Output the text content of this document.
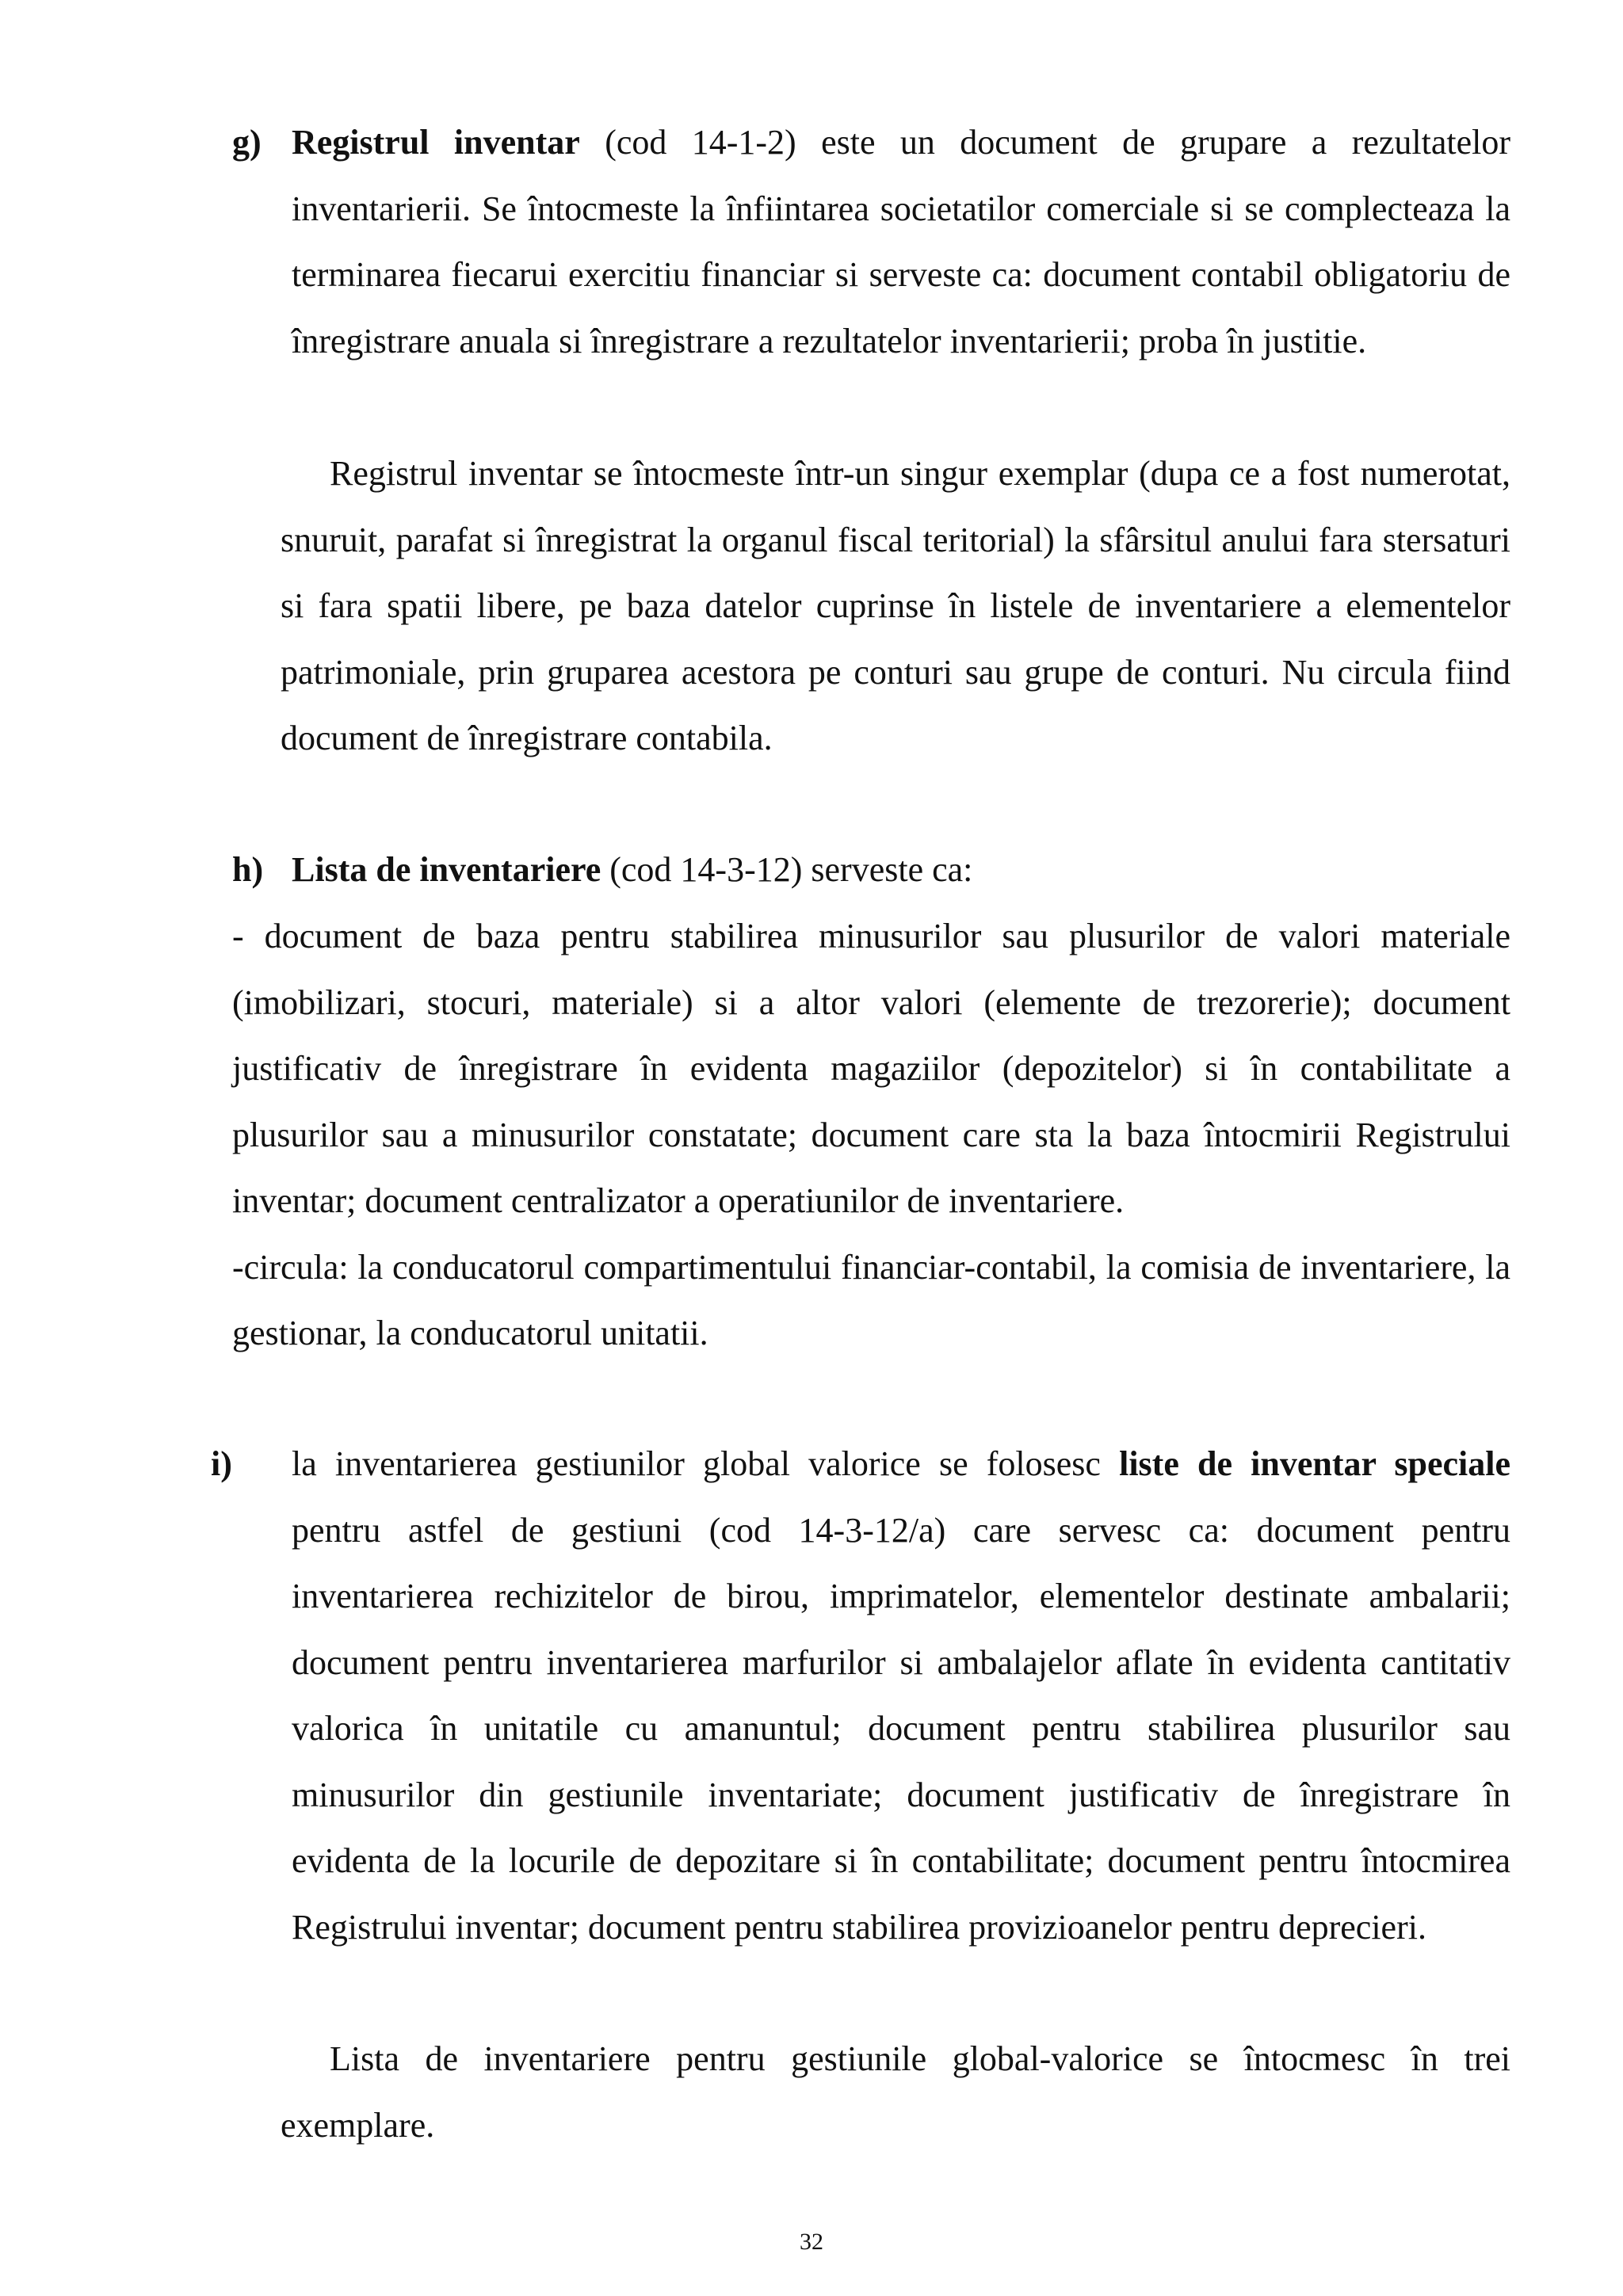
g) Registrul inventar (cod 14-1-2) este un document de grupare a rezultatelor inventarierii. Se întocmeste la înfiintarea societatilor comerciale si se complecteaza la terminarea fiecarui exercitiu financiar si serveste ca: document contabil obligatoriu de înregistrare anuala si înregistrare a rezultatelor inventarierii; proba în justitie.
Registrul inventar se întocmeste într-un singur exemplar (dupa ce a fost numerotat, snuruit, parafat si înregistrat la organul fiscal teritorial) la sfârsitul anului fara stersaturi si fara spatii libere, pe baza datelor cuprinse în listele de inventariere a elementelor patrimoniale, prin gruparea acestora pe conturi sau grupe de conturi. Nu circula fiind document de înregistrare contabila.
h) Lista de inventariere (cod 14-3-12) serveste ca:

- document de baza pentru stabilirea minusurilor sau plusurilor de valori materiale (imobilizari, stocuri, materiale) si a altor valori (elemente de trezorerie); document justificativ de înregistrare în evidenta magaziilor (depozitelor) si în contabilitate a plusurilor sau a minusurilor constatate; document care sta la baza întocmirii Registrului inventar; document centralizator a operatiunilor de inventariere.

-circula: la conducatorul compartimentului financiar-contabil, la comisia de inventariere, la gestionar, la conducatorul unitatii.

i) la inventarierea gestiunilor global valorice se folosesc liste de inventar speciale pentru astfel de gestiuni (cod 14-3-12/a) care servesc ca: document pentru inventarierea rechizitelor de birou, imprimatelor, elementelor destinate ambalarii; document pentru inventarierea marfurilor si ambalajelor aflate în evidenta cantitativ valorica în unitatile cu amanuntul; document pentru stabilirea plusurilor sau minusurilor din gestiunile inventariate; document justificativ de înregistrare în evidenta de la locurile de depozitare si în contabilitate; document pentru întocmirea Registrului inventar; document pentru stabilirea provizioanelor pentru deprecieri.
Lista de inventariere pentru gestiunile global-valorice se întocmesc în trei exemplare.
32
